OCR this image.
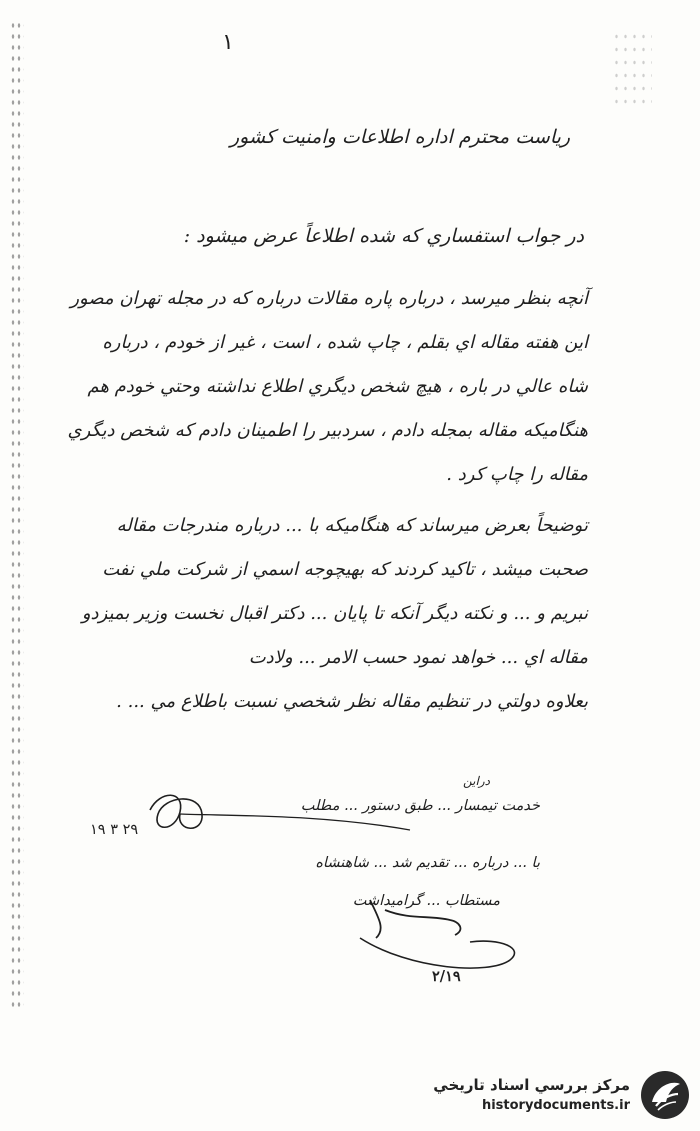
١

رياست محترم اداره اطلاعات وامنيت كشور

در جواب استفساري كه شده اطلاعاً عرض ميشود :

آنچه بنظر ميرسد ، درباره پاره مقالات درباره كه در مجله تهران مصور

اين هفته مقاله اي بقلم ، چاپ شده ، است ، غير از خودم ، درباره

شاه عالي در باره ، هيچ شخص ديگري اطلاع نداشته وحتي خودم هم

هنگاميكه مقاله بمجله دادم ، سردبير را اطمينان دادم كه شخص ديگري

مقاله را چاپ كرد .

توضيحاً بعرض ميرساند كه هنگاميكه با ... درباره مندرجات مقاله

صحبت ميشد ، تاكيد كردند كه بهيچوجه اسمي از شركت ملي نفت

نبريم و ... و نكته ديگر آنكه تا پايان ... دكتر اقبال نخست وزير بميزدو

مقاله اي ... خواهد نمود حسب الامر ... ولادت

بعلاوه دولتي در تنظيم مقاله نظر شخصي نسبت باطلاع مي ... .

دراين

خدمت تيمسار ... طبق دستور ... مطلب

٢٩ ٣ ١٩

با ... درباره ... تقديم شد ... شاهنشاه

مستطاب ... گراميداشت

٢/١٩

مركز بررسي اسناد تاريخي

historydocuments.ir
